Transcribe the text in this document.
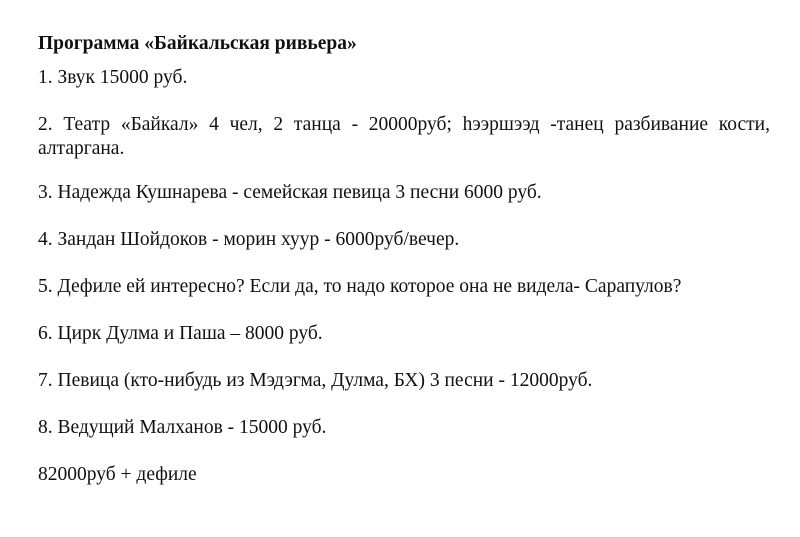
Программа «Байкальская ривьера»

1. Звук 15000 руб.

2. Театр «Байкал» 4 чел, 2 танца - 20000руб; һээршээд -танец разбивание кости, алтаргана.

3. Надежда Кушнарева - семейская певица 3 песни 6000 руб.

4. Зандан Шойдоков - морин хуур - 6000руб/вечер.

5. Дефиле ей интересно? Если да, то надо которое она не видела- Сарапулов?

6. Цирк Дулма и Паша – 8000 руб.

7. Певица (кто-нибудь из Мэдэгма, Дулма, БХ) 3 песни - 12000руб.

8. Ведущий Малханов - 15000 руб.

82000руб + дефиле
